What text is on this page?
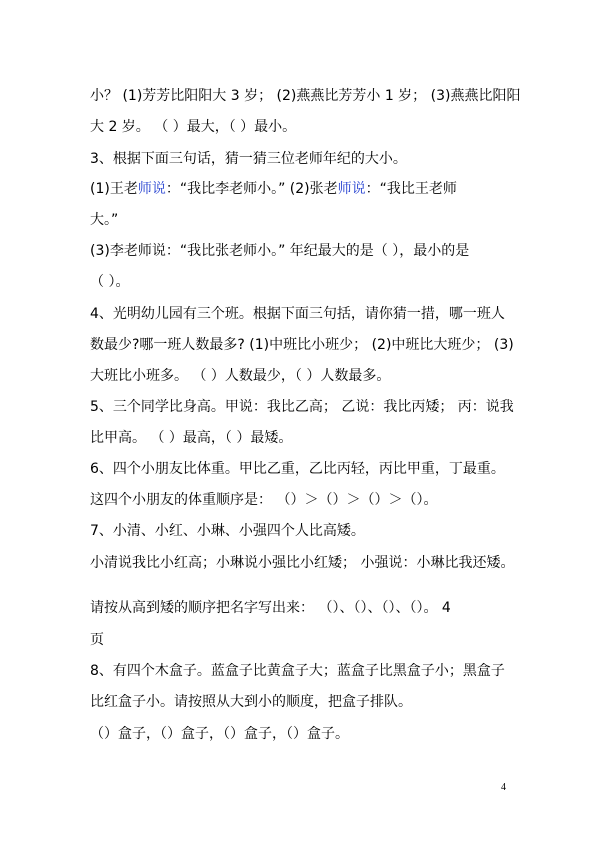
小？ (1)芳芳比阳阳大 3 岁； (2)燕燕比芳芳小 1 岁； (3)燕燕比阳阳
大 2 岁。 （ ）最大，（ ）最小。
3、根据下面三句话，猜一猜三位老师年纪的大小。
(1)王老师说：“我比李老师小。” (2)张老师说：“我比王老师
大。”
(3)李老师说：“我比张老师小。” 年纪最大的是（ ），最小的是
（ ）。
4、光明幼儿园有三个班。根据下面三句括，请你猜一措，哪一班人
数最少?哪一班人数最多? (1)中班比小班少； (2)中班比大班少； (3)
大班比小班多。 （ ）人数最少，（ ）人数最多。
5、三个同学比身高。甲说：我比乙高； 乙说：我比丙矮； 丙：说我
比甲高。 （ ）最高，（ ）最矮。
6、四个小朋友比体重。甲比乙重，乙比丙轻，丙比甲重，丁最重。
这四个小朋友的体重顺序是： （）＞（）＞（）＞（）。
7、小清、小红、小琳、小强四个人比高矮。
小清说我比小红高；小琳说小强比小红矮； 小强说：小琳比我还矮。
请按从高到矮的顺序把名字写出来： （）、（）、（）、（）。 4
页
8、有四个木盒子。蓝盒子比黄盒子大；蓝盒子比黑盒子小；黑盒子
比红盒子小。请按照从大到小的顺度，把盒子排队。
（）盒子，（）盒子，（）盒子，（）盒子。
4
